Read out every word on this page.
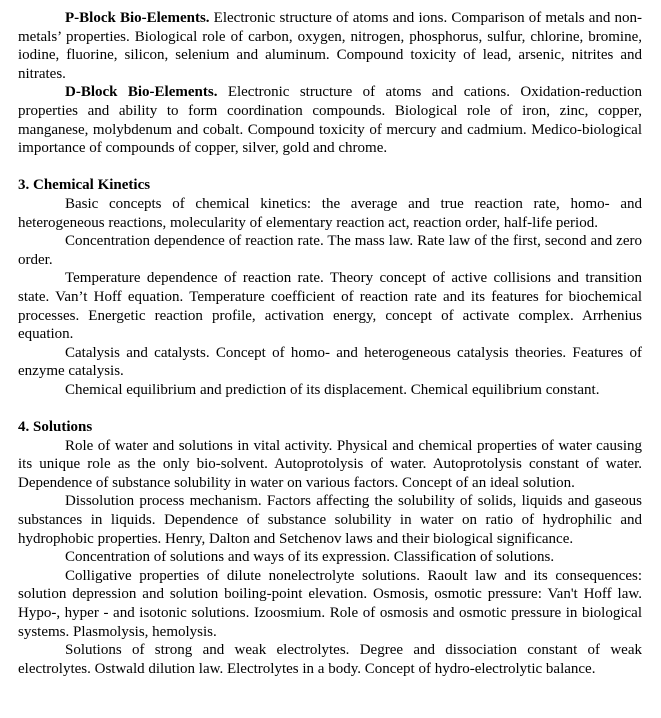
P-Block Bio-Elements. Electronic structure of atoms and ions. Comparison of metals and non-metals’ properties. Biological role of carbon, oxygen, nitrogen, phosphorus, sulfur, chlorine, bromine, iodine, fluorine, silicon, selenium and aluminum. Compound toxicity of lead, arsenic, nitrites and nitrates.

D-Block Bio-Elements. Electronic structure of atoms and cations. Oxidation-reduction properties and ability to form coordination compounds. Biological role of iron, zinc, copper, manganese, molybdenum and cobalt. Compound toxicity of mercury and cadmium. Medico-biological importance of compounds of copper, silver, gold and chrome.

3. Chemical Kinetics

Basic concepts of chemical kinetics: the average and true reaction rate, homo- and heterogeneous reactions, molecularity of elementary reaction act, reaction order, half-life period.

Concentration dependence of reaction rate. The mass law. Rate law of the first, second and zero order.

Temperature dependence of reaction rate. Theory concept of active collisions and transition state. Van’t Hoff equation. Temperature coefficient of reaction rate and its features for biochemical processes. Energetic reaction profile, activation energy, concept of activate complex. Arrhenius equation.

Catalysis and catalysts. Concept of homo- and heterogeneous catalysis theories. Features of enzyme catalysis.

Chemical equilibrium and prediction of its displacement. Chemical equilibrium constant.

4. Solutions

Role of water and solutions in vital activity. Physical and chemical properties of water causing its unique role as the only bio-solvent. Autoprotolysis of water. Autoprotolysis constant of water. Dependence of substance solubility in water on various factors. Concept of an ideal solution.

Dissolution process mechanism. Factors affecting the solubility of solids, liquids and gaseous substances in liquids. Dependence of substance solubility in water on ratio of hydrophilic and hydrophobic properties. Henry, Dalton and Setchenov laws and their biological significance.

Concentration of solutions and ways of its expression. Classification of solutions.

Colligative properties of dilute nonelectrolyte solutions. Raoult law and its consequences: solution depression and solution boiling-point elevation. Osmosis, osmotic pressure: Van't Hoff law. Hypo-, hyper - and isotonic solutions. Izoosmium. Role of osmosis and osmotic pressure in biological systems. Plasmolysis, hemolysis.

Solutions of strong and weak electrolytes. Degree and dissociation constant of weak electrolytes. Ostwald dilution law. Electrolytes in a body. Concept of hydro-electrolytic balance.
